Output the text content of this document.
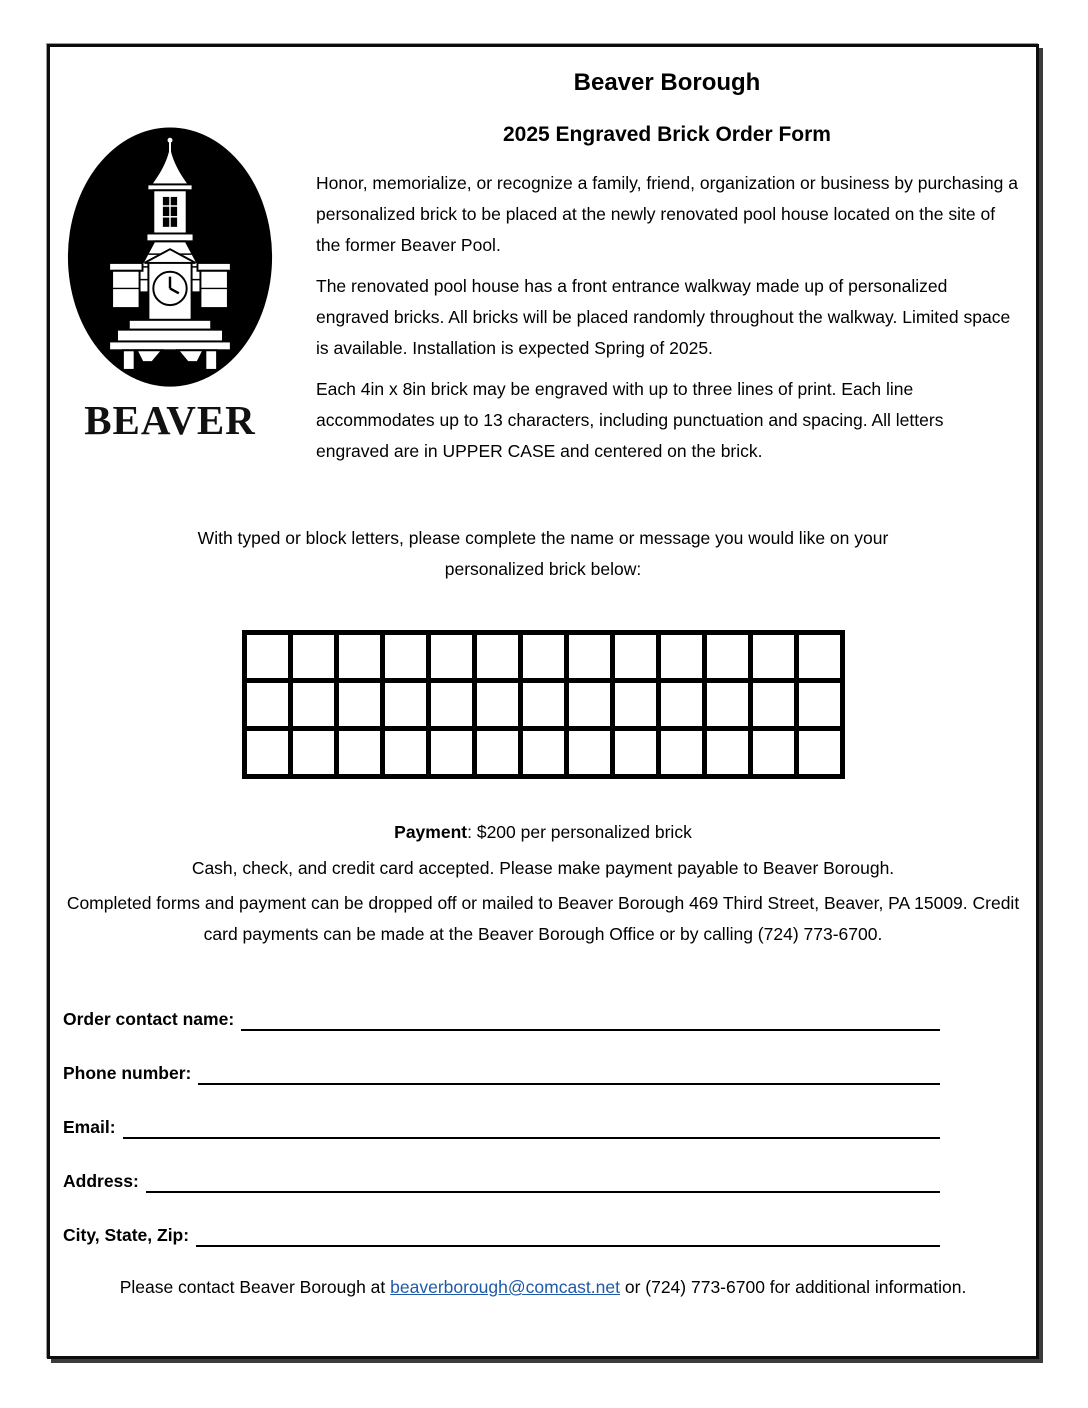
BEAVER
Beaver Borough
2025 Engraved Brick Order Form

Honor, memorialize, or recognize a family, friend, organization or business by purchasing a personalized brick to be placed at the newly renovated pool house located on the site of the former Beaver Pool.

The renovated pool house has a front entrance walkway made up of personalized engraved bricks. All bricks will be placed randomly throughout the walkway. Limited space is available. Installation is expected Spring of 2025.

Each 4in x 8in brick may be engraved with up to three lines of print. Each line accommodates up to 13 characters, including punctuation and spacing. All letters engraved are in UPPER CASE and centered on the brick.

With typed or block letters, please complete the name or message you would like on your personalized brick below:

Payment: $200 per personalized brick
Cash, check, and credit card accepted. Please make payment payable to Beaver Borough.
Completed forms and payment can be dropped off or mailed to Beaver Borough 469 Third Street, Beaver, PA 15009. Credit card payments can be made at the Beaver Borough Office or by calling (724) 773-6700.
Order contact name:
Phone number:
Email:
Address:
City, State, Zip:
Please contact Beaver Borough at beaverborough@comcast.net or (724) 773-6700 for additional information.
